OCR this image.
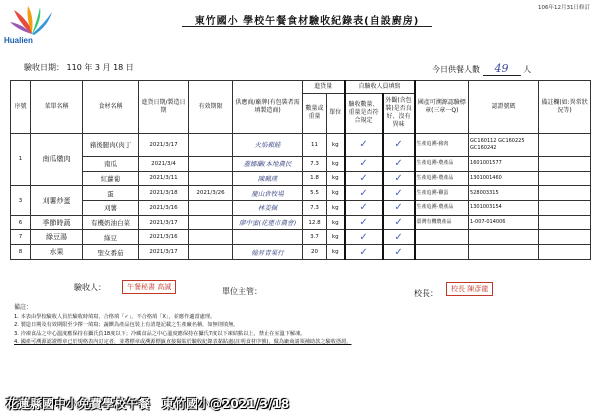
Hualien
106年12月31日修訂
東竹國小 學校午餐食材驗收紀錄表(自設廚房)
驗收日期： 110 年 3 月 18 日	今日供餐人數 49 人
序號	菜單名稱	食材名稱	進貨日期/製造日期	有效期限	供應商/廠牌(有包裝者需填製造商)	進貨量		自驗收人員填寫		國產可溯源認驗標章(三章一Q)	認證號碼	備註欄(如:異常狀況等)
						數量或重量	單位	驗收數量、重量是否符合規定	外觀(含包裝)是否良好、沒有異味			
1	南瓜燉肉	豬後腿肉(肉丁	2021/3/17		火焰蘋蛙	11	kg	✓	✓	生產追溯-豬肉	GC160112 GC160225 GC160242	
		南瓜	2021/3/4		蓋娜蘭(本地農民	7.3	kg	✓	✓	生產追溯-農產品	1601001577	
		紅蘿蔔	2021/3/11		陳珮瑛	1.8	kg	✓	✓	生產追溯-農產品	1301001460	
3	刈薯炒蛋	蛋	2021/3/18	2021/3/26	慶山倉牧場	5.5	kg	✓	✓	生產追溯-雞蛋	528003315	
		刈薯	2021/3/16		林姜佩	7.3	kg	✓	✓	生產追溯-農產品	1301003154	
6	季節時蔬	有機奶油白菜	2021/3/17		廖中蜜(花蓮市農會)	12.8	kg	✓	✓	臺灣有機農產品	1-007-014006	
7	綠豆湯	綠豆	2021/3/16			3.7	kg	✓	✓			
8	水果	聖女番茄	2021/3/17		翰昇青果行	20	kg	✓	✓			
驗收人：	午餐秘書 高誠	單位主管：	校長：	校長 陳彥龍
備註：
1. 本表由學校驗收人員於驗收時填寫，合格填「✓」，不合格填「X」，並應作適當處理。
2. 製造日期及有效期限至少擇一填寫；蔬饌為產品包裝上有清楚記載之生產廠名稱，如無則填無。
3. 冷凍食品之中心溫度應保持在攝氏負18度以下；冷藏食品之中心溫度應保持在攝氏7度以下凍結點以上，禁止在室溫下解凍。
4. 國產可溯源認證標章已於規格表內訂定者，並將標章或溯源標籤直接黏貼於驗收紀錄表黏貼處(註明食材序號)，做為廠商請領補助款之驗收憑證。
花蓮縣國中小免費學校午餐　東竹國小@2021/3/18
